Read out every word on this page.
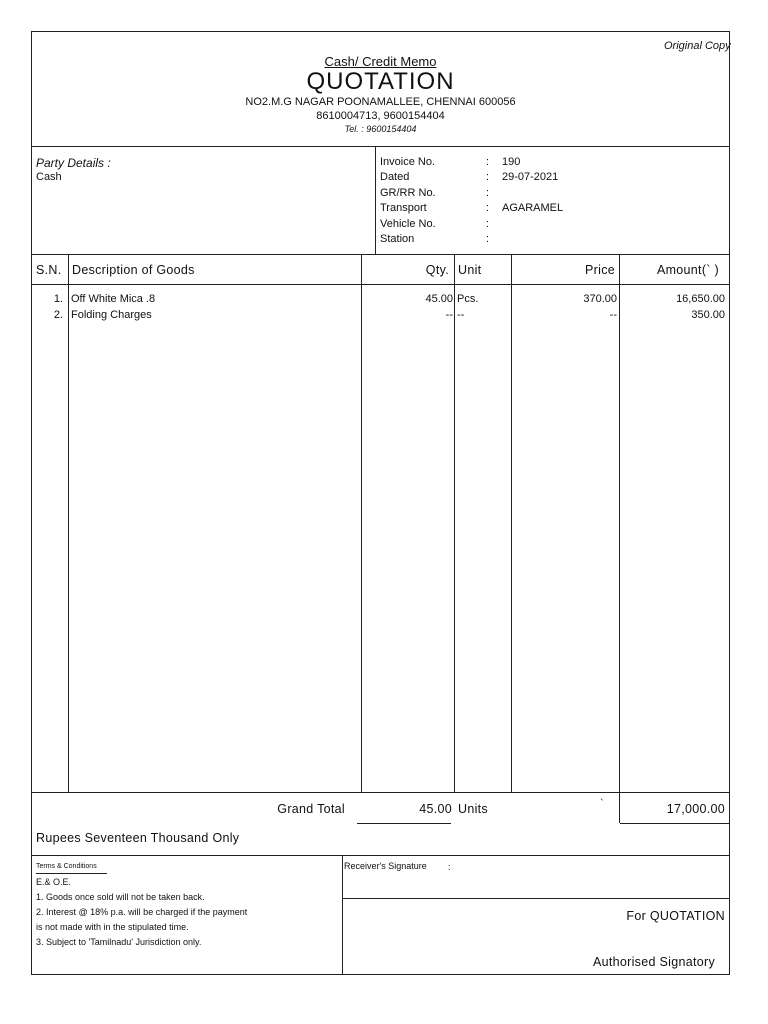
Original Copy
Cash/ Credit Memo
QUOTATION
NO2.M.G NAGAR POONAMALLEE, CHENNAI 600056
8610004713, 9600154404
Tel. : 9600154404
Party Details :
Cash
Invoice No.	: 190
Dated	: 29-07-2021
GR/RR No.	:
Transport	: AGARAMEL
Vehicle No.	:
Station	:
S.N. Description of Goods	Qty. Unit	Price	Amount(` )
1. Off White Mica .8	45.00 Pcs.	370.00	16,650.00
2. Folding Charges	-- --	--	350.00
Grand Total	45.00 Units	`	17,000.00
Rupees Seventeen Thousand Only
Terms & Conditions
E.& O.E.
1. Goods once sold will not be taken back.
2. Interest @ 18% p.a. will be charged if the payment
is not made with in the stipulated time.
3. Subject to 'Tamilnadu' Jurisdiction only.
Receiver's Signature :
For QUOTATION
Authorised Signatory
